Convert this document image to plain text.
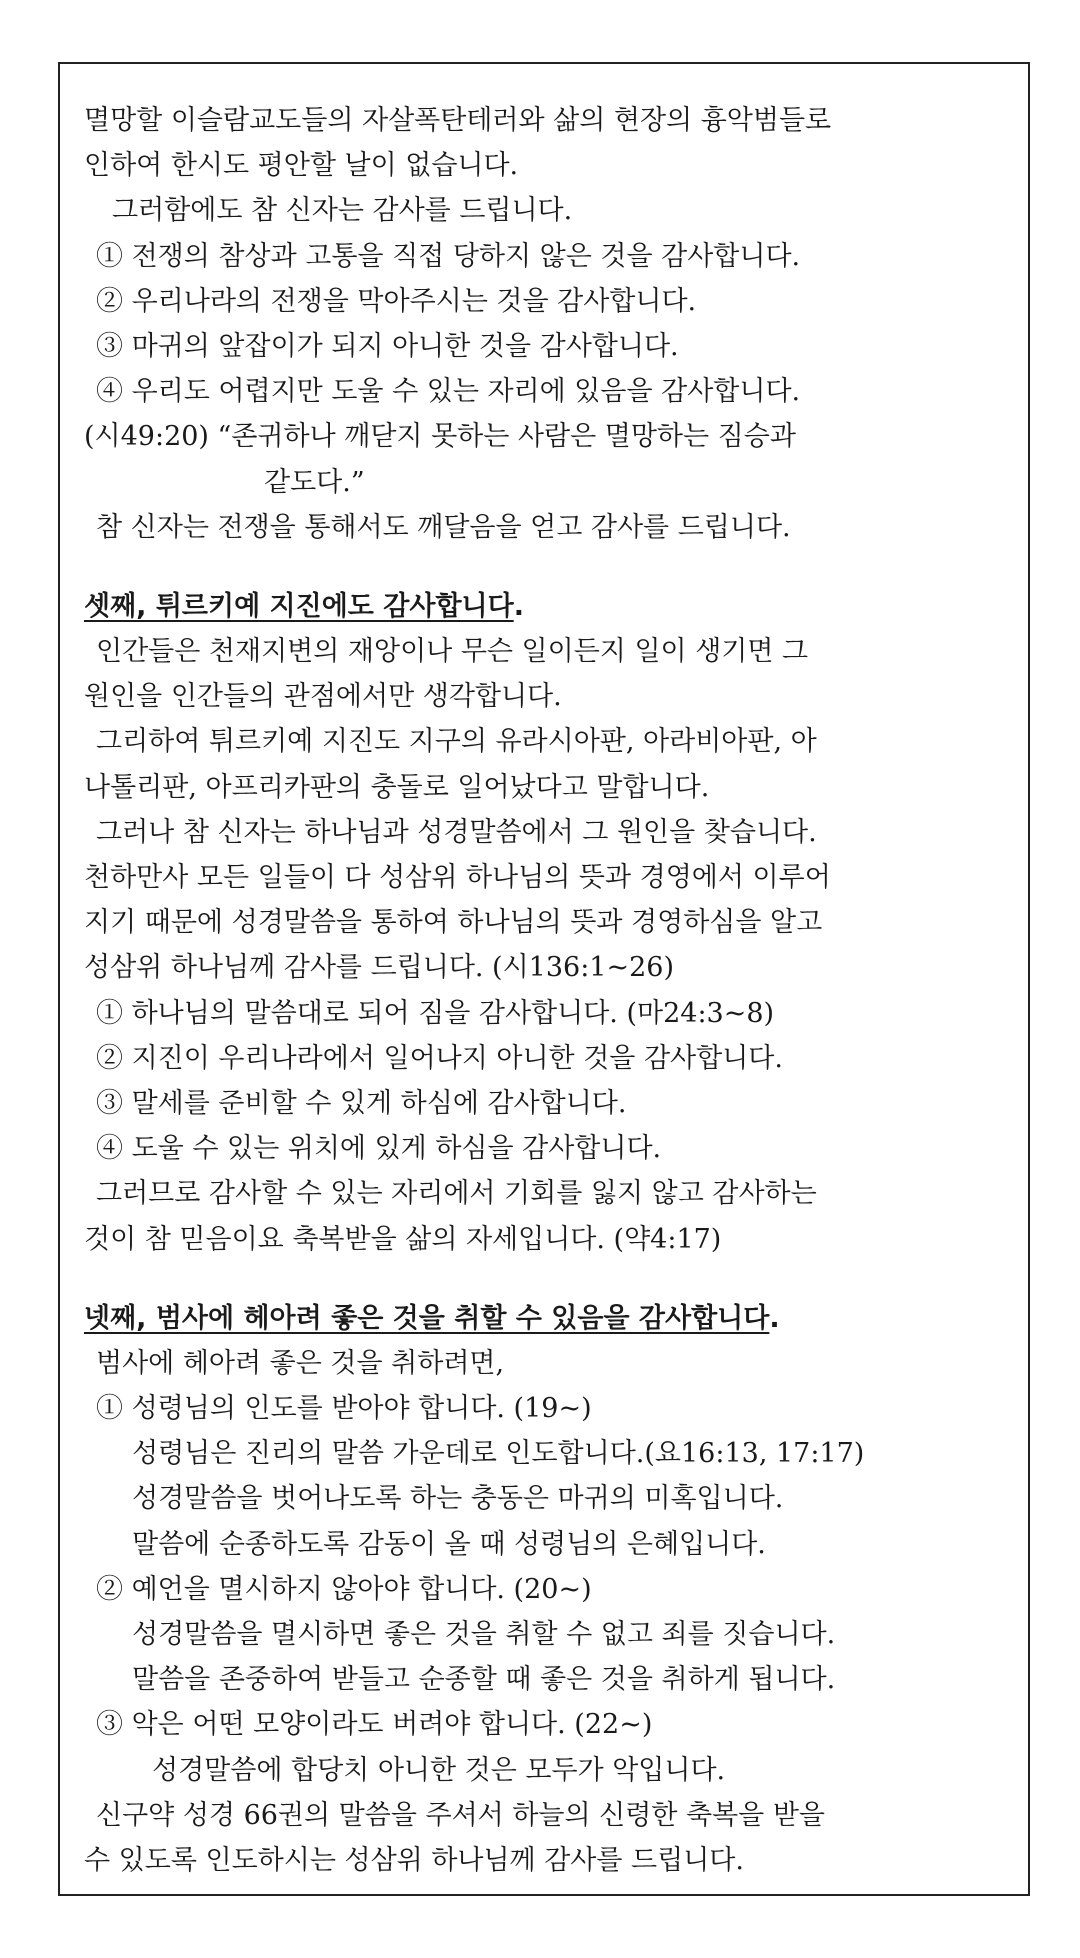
멸망할 이슬람교도들의 자살폭탄테러와 삶의 현장의 흉악범들로
인하여 한시도 평안할 날이 없습니다.
그러함에도 참 신자는 감사를 드립니다.
① 전쟁의 참상과 고통을 직접 당하지 않은 것을 감사합니다.
② 우리나라의 전쟁을 막아주시는 것을 감사합니다.
③ 마귀의 앞잡이가 되지 아니한 것을 감사합니다.
④ 우리도 어렵지만 도울 수 있는 자리에 있음을 감사합니다.
(시49:20) “존귀하나 깨닫지 못하는 사람은 멸망하는 짐승과
같도다.”
참 신자는 전쟁을 통해서도 깨달음을 얻고 감사를 드립니다.
셋째, 튀르키예 지진에도 감사합니다.
인간들은 천재지변의 재앙이나 무슨 일이든지 일이 생기면 그
원인을 인간들의 관점에서만 생각합니다.
그리하여 튀르키예 지진도 지구의 유라시아판, 아라비아판, 아
나톨리판, 아프리카판의 충돌로 일어났다고 말합니다.
그러나 참 신자는 하나님과 성경말씀에서 그 원인을 찾습니다.
천하만사 모든 일들이 다 성삼위 하나님의 뜻과 경영에서 이루어
지기 때문에 성경말씀을 통하여 하나님의 뜻과 경영하심을 알고
성삼위 하나님께 감사를 드립니다. (시136:1~26)
① 하나님의 말씀대로 되어 짐을 감사합니다. (마24:3~8)
② 지진이 우리나라에서 일어나지 아니한 것을 감사합니다.
③ 말세를 준비할 수 있게 하심에 감사합니다.
④ 도울 수 있는 위치에 있게 하심을 감사합니다.
그러므로 감사할 수 있는 자리에서 기회를 잃지 않고 감사하는
것이 참 믿음이요 축복받을 삶의 자세입니다. (약4:17)
넷째, 범사에 헤아려 좋은 것을 취할 수 있음을 감사합니다.
범사에 헤아려 좋은 것을 취하려면,
① 성령님의 인도를 받아야 합니다. (19~)
성령님은 진리의 말씀 가운데로 인도합니다.(요16:13, 17:17)
성경말씀을 벗어나도록 하는 충동은 마귀의 미혹입니다.
말씀에 순종하도록 감동이 올 때 성령님의 은혜입니다.
② 예언을 멸시하지 않아야 합니다. (20~)
성경말씀을 멸시하면 좋은 것을 취할 수 없고 죄를 짓습니다.
말씀을 존중하여 받들고 순종할 때 좋은 것을 취하게 됩니다.
③ 악은 어떤 모양이라도 버려야 합니다. (22~)
성경말씀에 합당치 아니한 것은 모두가 악입니다.
신구약 성경 66권의 말씀을 주셔서 하늘의 신령한 축복을 받을
수 있도록 인도하시는 성삼위 하나님께 감사를 드립니다.
